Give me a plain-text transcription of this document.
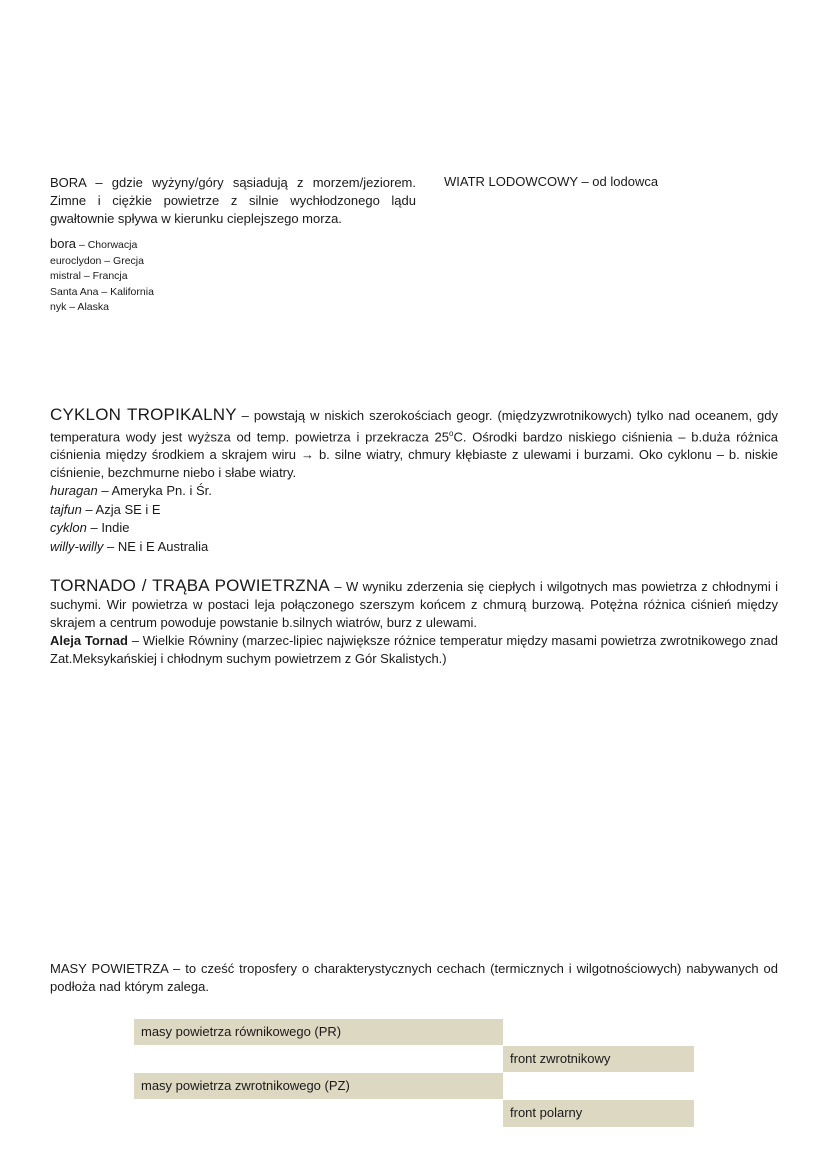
BORA – gdzie wyżyny/góry sąsiadują z morzem/jeziorem. Zimne i ciężkie powietrze z silnie wychłodzonego lądu gwałtownie spływa w kierunku cieplejszego morza.
WIATR LODOWCOWY – od lodowca
bora – Chorwacja
euroclydon – Grecja
mistral – Francja
Santa Ana – Kalifornia
nyk – Alaska
CYKLON TROPIKALNY – powstają w niskich szerokościach geogr. (międzyzwrotnikowych) tylko nad oceanem, gdy temperatura wody jest wyższa od temp. powietrza i przekracza 25$^o$C. Ośrodki bardzo niskiego ciśnienia – b.duża różnica ciśnienia między środkiem a skrajem wiru → b. silne wiatry, chmury kłębiaste z ulewami i burzami. Oko cyklonu – b. niskie ciśnienie, bezchmurne niebo i słabe wiatry.
huragan – Ameryka Pn. i Śr.
tajfun – Azja SE i E
cyklon – Indie
willy-willy – NE i E Australia
TORNADO / TRĄBA POWIETRZNA – W wyniku zderzenia się ciepłych i wilgotnych mas powietrza z chłodnymi i suchymi. Wir powietrza w postaci leja połączonego szerszym końcem z chmurą burzową. Potężna różnica ciśnień między skrajem a centrum powoduje powstanie b.silnych wiatrów, burz z ulewami.
Aleja Tornad – Wielkie Równiny (marzec-lipiec największe różnice temperatur między masami powietrza zwrotnikowego znad Zat.Meksykańskiej i chłodnym suchym powietrzem z Gór Skalistych.)
MASY POWIETRZA – to cześć troposfery o charakterystycznych cechach (termicznych i wilgotnościowych) nabywanych od podłoża nad którym zalega.
masy powietrza równikowego (PR)
front zwrotnikowy
masy powietrza zwrotnikowego (PZ)
front polarny
